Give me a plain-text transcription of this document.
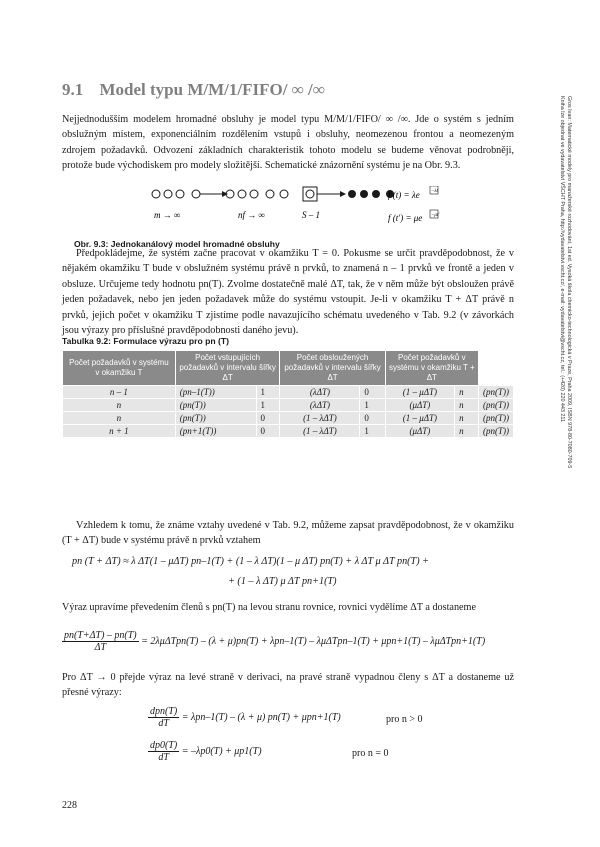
9.1 Model typu M/M/1/FIFO/ ∞ /∞
Gros Ivan: Matematické modely pro manažerské rozhodování, 1st ed. Vysoká škola chemicko-technologická v Praze, Praha 2009, ISBN 978-80-7080-709-5
Kniha lze objednat ve vydavatelství VŠCHT Praha, http://vydavatelstvi.vscht.cz/, e-mail: vydavatelstvi@vscht.cz, tel.: (+420) 220 443 211

Nejjednodušším modelem hromadné obsluhy je model typu M/M/1/FIFO/ ∞ /∞. Jde o systém s jedním obslužným místem, exponenciálním rozdělením vstupů i obsluhy, neomezenou frontou a neomezeným zdrojem požadavků. Odvození základních charakteristik tohoto modelu se budeme věnovat podrobněji, protože bude východiskem pro modely složitější. Schematické znázornění systému je na Obr. 9.3.

m → ∞	nf → ∞	S – 1
f (t) = λe −λt
f (t′) = μe −μt′
Obr. 9.3: Jednokanálový model hromadné obsluhy

Předpokládejme, že systém začne pracovat v okamžiku T = 0. Pokusme se určit pravděpodobnost, že v nějakém okamžiku T bude v obslužném systému právě n prvků, to znamená n – 1 prvků ve frontě a jeden v obsluze. Určujeme tedy hodnotu pn(T). Zvolme dostatečně malé ΔT, tak, že v něm může být obsloužen právě jeden požadavek, nebo jen jeden požadavek může do systému vstoupit. Je-li v okamžiku T + ΔT právě n prvků, jejich počet v okamžiku T zjistíme podle navazujícího schématu uvedeného v Tab. 9.2 (v závorkách jsou výrazy pro příslušné pravděpodobnosti daného jevu).

Tabulka 9.2: Formulace výrazu pro pn (T)
Počet požadavků v systému v okamžiku T	Počet vstupujících požadavků v intervalu šířky ΔT		Počet obsloužených požadavků v intervalu šířky ΔT		Počet požadavků v systému v okamžiku T + ΔT		
n – 1	(pn–1(T))	1	(λΔT)	0	(1 – μΔT)	n	(pn(T))
n	(pn(T))	1	(λΔT)	1	(μΔT)	n	(pn(T))
n	(pn(T))	0	(1 – λΔT)	0	(1 – μΔT)	n	(pn(T))
n + 1	(pn+1(T))	0	(1 – λΔT)	1	(μΔT)	n	(pn(T))

Vzhledem k tomu, že známe vztahy uvedené v Tab. 9.2, můžeme zapsat pravděpodobnost, že v okamžiku (T + ΔT) bude v systému právě n prvků vztahem

pn (T + ΔT) ≈ λ ΔT(1 – μΔT) pn–1(T) + (1 – λ ΔT)(1 – μ ΔT) pn(T) + λ ΔT μ ΔT pn(T) +
+ (1 – λ ΔT) μ ΔT pn+1(T)

Výraz upravíme převedením členů s pn(T) na levou stranu rovnice, rovnici vydělíme ΔT a dostaneme

$\frac{pn(T+\Delta T) - pn(T)}{\Delta T} = 2\lambda\mu\Delta Tpn(T) - (\lambda + \mu)pn(T) + \lambda pn-1(T) - \lambda\mu\Delta Tpn-1(T) + \mu pn+1(T) - \lambda\mu\Delta Tpn+1(T)$

Pro ΔT → 0 přejde výraz na levé straně v derivaci, na pravé straně vypadnou členy s ΔT a dostaneme už přesné výrazy:

$\frac{\text{dpn(T)}}{dT} = \lambda pn-1(T) - (\lambda + \mu) pn(T) + \mu pn+1(T)$	pro n > 0
$\frac{dp0(T)}{dT} = -\lambda p0(T) + \mu p1(T)$	pro n = 0
228
